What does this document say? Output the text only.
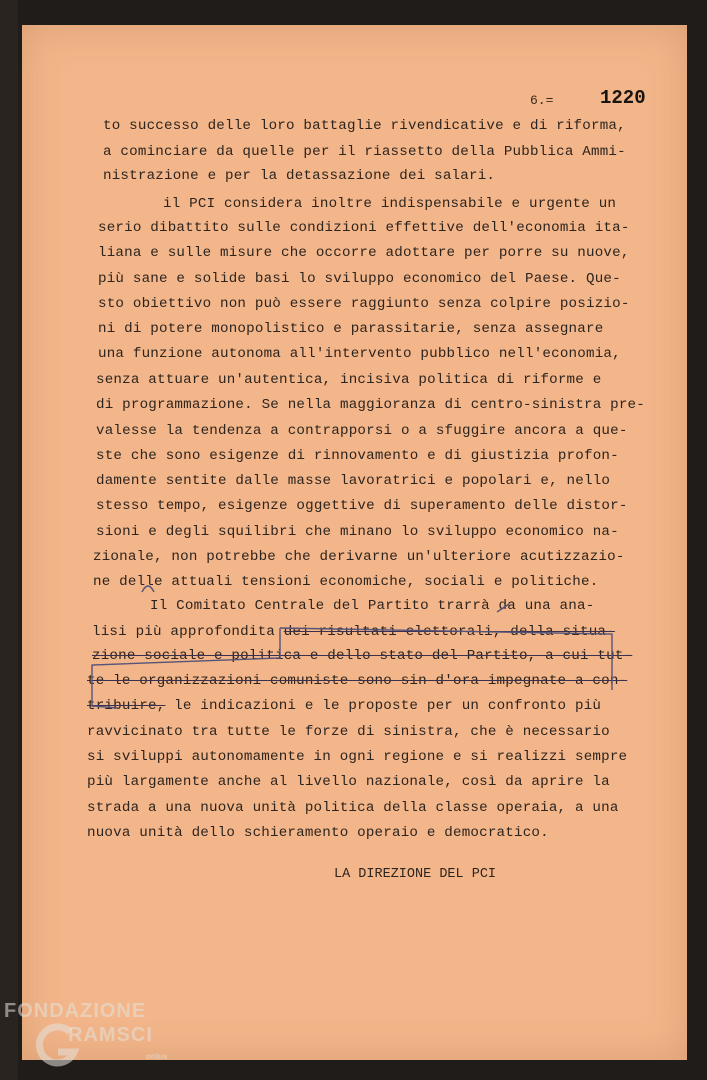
6.= 1220
to successo delle loro battaglie rivendicative e di riforma,
a cominciare da quelle per il riassetto della Pubblica Ammi-
nistrazione e per la detassazione dei salari.
il PCI considera inoltre indispensabile e urgente un
serio dibattito sulle condizioni effettive dell'economia ita-
liana e sulle misure che occorre adottare per porre su nuove,
più sane e solide basi lo sviluppo economico del Paese. Que-
sto obiettivo non può essere raggiunto senza colpire posizio-
ni di potere monopolistico e parassitarie, senza assegnare
una funzione autonoma all'intervento pubblico nell'economia,
senza attuare un'autentica, incisiva politica di riforme e
di programmazione. Se nella maggioranza di centro-sinistra pre-
valesse la tendenza a contrapporsi o a sfuggire ancora a que-
ste che sono esigenze di rinnovamento e di giustizia profon-
damente sentite dalle masse lavoratrici e popolari e, nello
stesso tempo, esigenze oggettive di superamento delle distor-
sioni e degli squilibri che minano lo sviluppo economico na-
zionale, non potrebbe che derivarne un'ulteriore acutizzazio-
ne delle attuali tensioni economiche, sociali e politiche.
Il Comitato Centrale del Partito trarrà da una ana-
lisi più approfondita dei risultati elettorali, della situa-
zione sociale e politica e dello stato del Partito, a cui tut-
te le organizzazioni comuniste sono sin d'ora impegnate a con-
tribuire, le indicazioni e le proposte per un confronto più
ravvicinato tra tutte le forze di sinistra, che è necessario
si sviluppi autonomamente in ogni regione e si realizzi sempre
più largamente anche al livello nazionale, così da aprire la
strada a una nuova unità politica della classe operaia, a una
nuova unità dello schieramento operaio e democratico.
LA DIREZIONE DEL PCI
FONDAZIONE
RAMSCI
onlus
